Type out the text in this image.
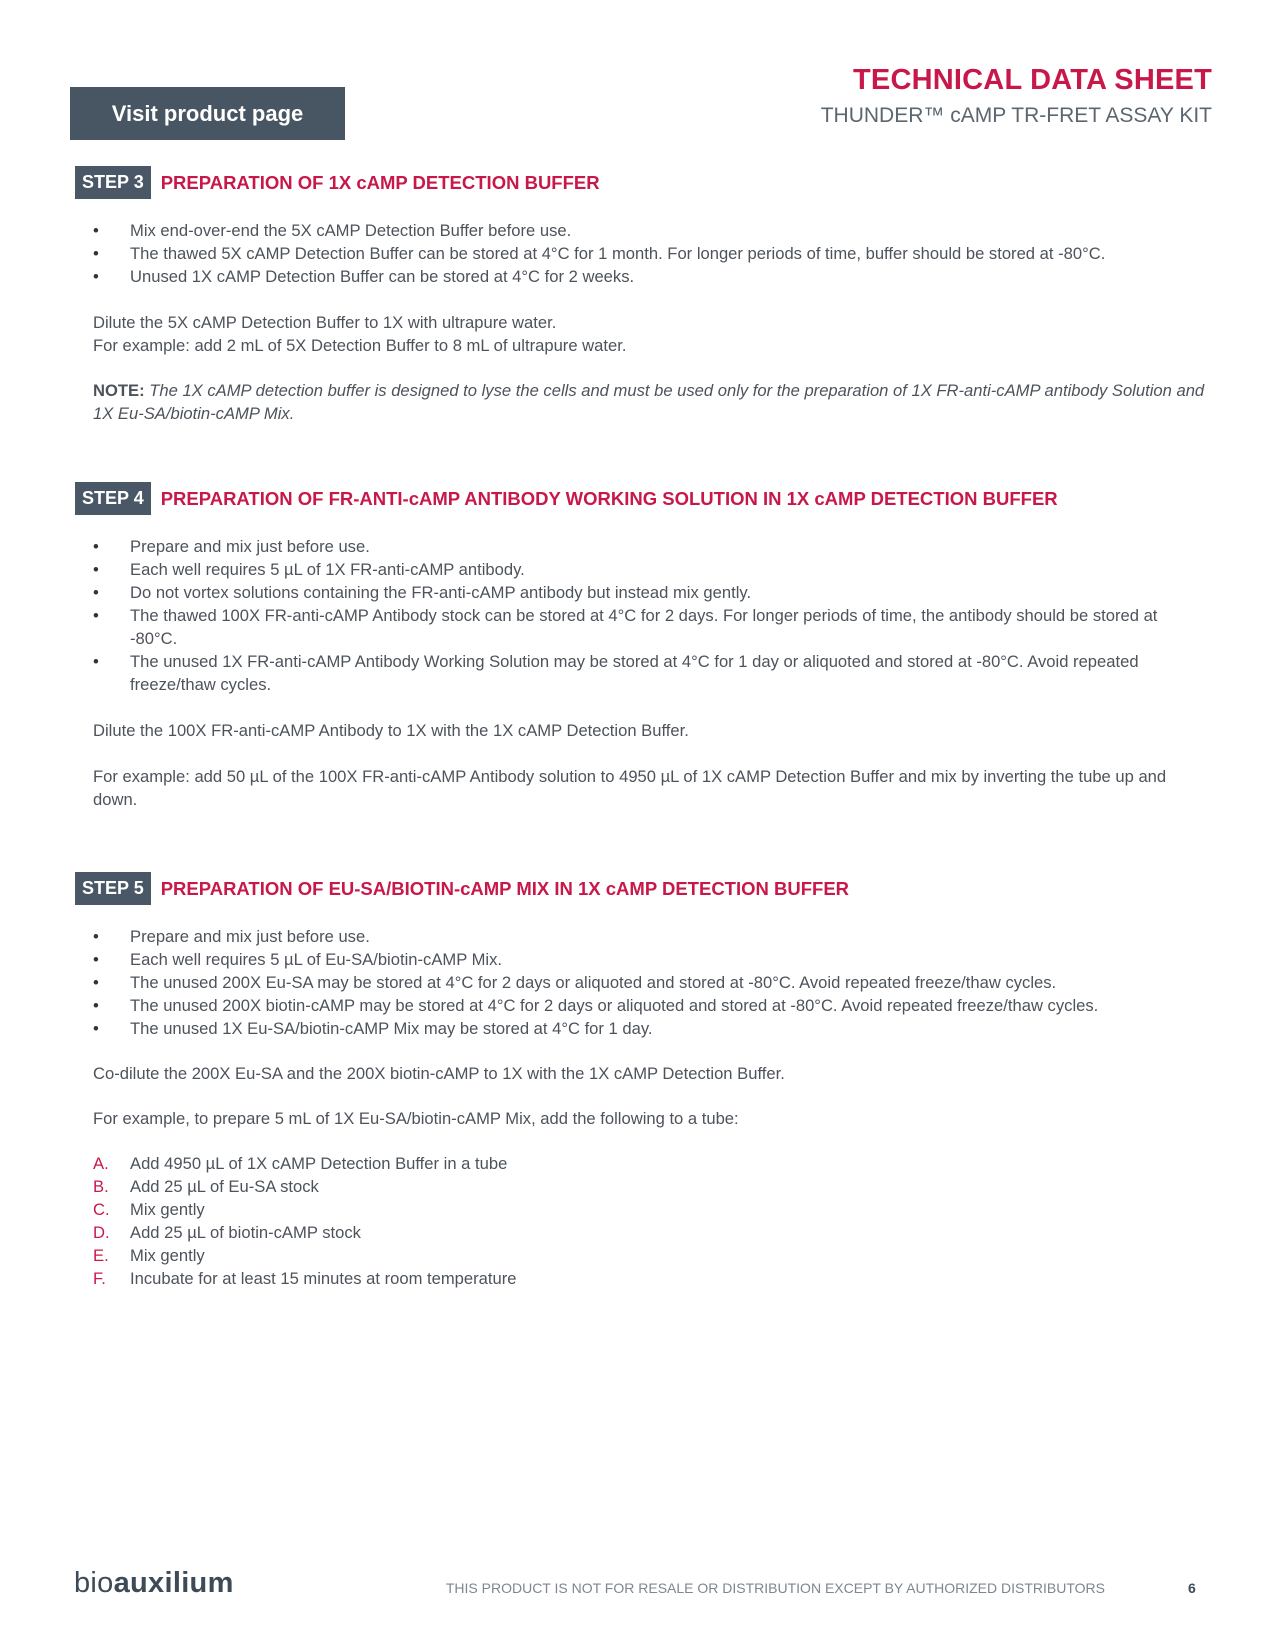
Visit product page
TECHNICAL DATA SHEET
THUNDER™ cAMP TR-FRET ASSAY KIT
STEP 3 PREPARATION OF 1X cAMP DETECTION BUFFER
• Mix end-over-end the 5X cAMP Detection Buffer before use.
• The thawed 5X cAMP Detection Buffer can be stored at 4°C for 1 month. For longer periods of time, buffer should be stored at -80°C.
• Unused 1X cAMP Detection Buffer can be stored at 4°C for 2 weeks.

Dilute the 5X cAMP Detection Buffer to 1X with ultrapure water.

For example: add 2 mL of 5X Detection Buffer to 8 mL of ultrapure water.

NOTE: The 1X cAMP detection buffer is designed to lyse the cells and must be used only for the preparation of 1X FR-anti-cAMP antibody Solution and 1X Eu-SA/biotin-cAMP Mix.

STEP 4 PREPARATION OF FR-ANTI-cAMP ANTIBODY WORKING SOLUTION IN 1X cAMP DETECTION BUFFER
• Prepare and mix just before use.
• Each well requires 5 µL of 1X FR-anti-cAMP antibody.
• Do not vortex solutions containing the FR-anti-cAMP antibody but instead mix gently.
• The thawed 100X FR-anti-cAMP Antibody stock can be stored at 4°C for 2 days. For longer periods of time, the antibody should be stored at -80°C.
• The unused 1X FR-anti-cAMP Antibody Working Solution may be stored at 4°C for 1 day or aliquoted and stored at -80°C. Avoid repeated freeze/thaw cycles.

Dilute the 100X FR-anti-cAMP Antibody to 1X with the 1X cAMP Detection Buffer.

For example: add 50 µL of the 100X FR-anti-cAMP Antibody solution to 4950 µL of 1X cAMP Detection Buffer and mix by inverting the tube up and down.

STEP 5 PREPARATION OF EU-SA/BIOTIN-cAMP MIX IN 1X cAMP DETECTION BUFFER
• Prepare and mix just before use.
• Each well requires 5 µL of Eu-SA/biotin-cAMP Mix.
• The unused 200X Eu-SA may be stored at 4°C for 2 days or aliquoted and stored at -80°C. Avoid repeated freeze/thaw cycles.
• The unused 200X biotin-cAMP may be stored at 4°C for 2 days or aliquoted and stored at -80°C. Avoid repeated freeze/thaw cycles.
• The unused 1X Eu-SA/biotin-cAMP Mix may be stored at 4°C for 1 day.

Co-dilute the 200X Eu-SA and the 200X biotin-cAMP to 1X with the 1X cAMP Detection Buffer.

For example, to prepare 5 mL of 1X Eu-SA/biotin-cAMP Mix, add the following to a tube:

A. Add 4950 µL of 1X cAMP Detection Buffer in a tube
B. Add 25 µL of Eu-SA stock
C. Mix gently
D. Add 25 µL of biotin-cAMP stock
E. Mix gently
F. Incubate for at least 15 minutes at room temperature
bioauxilium	THIS PRODUCT IS NOT FOR RESALE OR DISTRIBUTION EXCEPT BY AUTHORIZED DISTRIBUTORS	6
